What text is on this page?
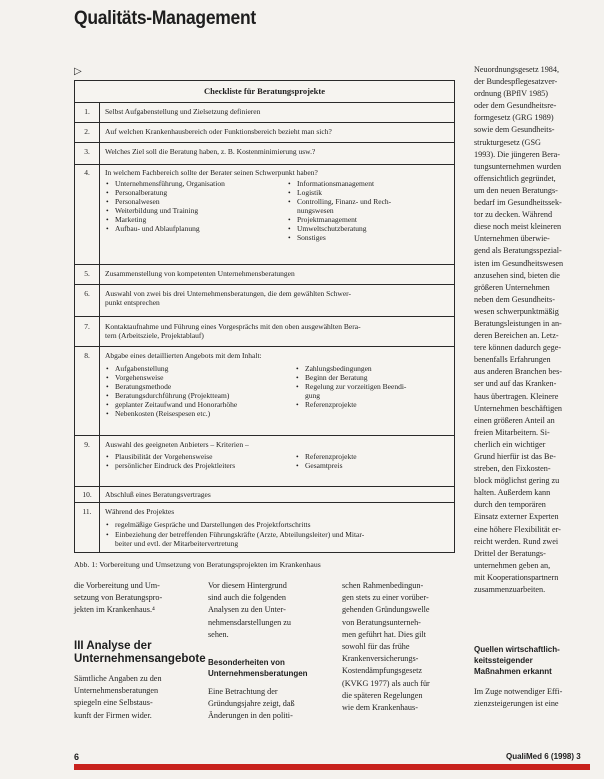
Qualitäts-Management
▷
Checkliste für Beratungsprojekte
1.	Selbst Aufgabenstellung und Zielsetzung definieren
2.	Auf welchen Krankenhausbereich oder Funktionsbereich bezieht man sich?
3.	Welches Ziel soll die Beratung haben, z. B. Kostenminimierung usw.?
4.	In welchem Fachbereich sollte der Berater seinen Schwerpunkt haben?
• Unternehmensführung, Organisation
• Personalberatung
• Personalwesen
• Weiterbildung und Training
• Marketing
• Aufbau- und Ablaufplanung
• Informationsmanagement
• Logistik
• Controlling, Finanz- und Rech-
nungswesen
• Projektmanagement
• Umweltschutzberatung
• Sonstiges
5.	Zusammenstellung von kompetenten Unternehmensberatungen
6.	Auswahl von zwei bis drei Unternehmensberatungen, die dem gewählten Schwer-
punkt entsprechen
7.	Kontaktaufnahme und Führung eines Vorgesprächs mit den oben ausgewählten Bera-
tern (Arbeitsziele, Projektablauf)
8.	Abgabe eines detaillierten Angebots mit dem Inhalt:
• Aufgabenstellung
• Vorgehensweise
• Beratungsmethode
• Beratungsdurchführung (Projektteam)
• geplanter Zeitaufwand und Honorarhöhe
• Nebenkosten (Reisespesen etc.)
• Zahlungsbedingungen
• Beginn der Beratung
• Regelung zur vorzeitigen Beendi-
gung
• Referenzprojekte
9.	Auswahl des geeigneten Anbieters – Kriterien –
• Plausibilität der Vorgehensweise
• persönlicher Eindruck des Projektleiters
• Referenzprojekte
• Gesamtpreis
10.	Abschluß eines Beratungsvertrages
11.	Während des Projektes
• regelmäßige Gespräche und Darstellungen des Projektfortschritts
• Einbeziehung der betreffenden Führungskräfte (Arzte, Abteilungsleiter) und Mitar-
beiter und evtl. der Mitarbeitervertretung
Abb. 1: Vorbereitung und Umsetzung von Beratungsprojekten im Krankenhaus
die Vorbereitung und Um-
setzung von Beratungspro-
jekten im Krankenhaus.⁴
III Analyse der
Unternehmensangebote
Sämtliche Angaben zu den
Unternehmensberatungen
spiegeln eine Selbstaus-
kunft der Firmen wider.
Vor diesem Hintergrund
sind auch die folgenden
Analysen zu den Unter-
nehmensdarstellungen zu
sehen.
Besonderheiten von
Unternehmensberatungen
Eine Betrachtung der
Gründungsjahre zeigt, daß
Änderungen in den politi-
schen Rahmenbedingun-
gen stets zu einer vorüber-
gehenden Gründungswelle
von Beratungsunterneh-
men geführt hat. Dies gilt
sowohl für das frühe
Krankenversicherungs-
Kostendämpfungsgesetz
(KVKG 1977) als auch für
die späteren Regelungen
wie dem Krankenhaus-
Neuordnungsgesetz 1984,
der Bundespflegesatzver-
ordnung (BPflV 1985)
oder dem Gesundheitsre-
formgesetz (GRG 1989)
sowie dem Gesundheits-
strukturgesetz (GSG
1993). Die jüngeren Bera-
tungsunternehmen wurden
offensichtlich gegründet,
um den neuen Beratungs-
bedarf im Gesundheitssek-
tor zu decken. Während
diese noch meist kleineren
Unternehmen überwie-
gend als Beratungsspezial-
isten im Gesundheitswesen
anzusehen sind, bieten die
größeren Unternehmen
neben dem Gesundheits-
wesen schwerpunktmäßig
Beratungsleistungen in an-
deren Bereichen an. Letz-
tere können dadurch gege-
benenfalls Erfahrungen
aus anderen Branchen bes-
ser und auf das Kranken-
haus übertragen. Kleinere
Unternehmen beschäftigen
einen größeren Anteil an
freien Mitarbeitern. Si-
cherlich ein wichtiger
Grund hierfür ist das Be-
streben, den Fixkosten-
block möglichst gering zu
halten. Außerdem kann
durch den temporären
Einsatz externer Experten
eine höhere Flexibilität er-
reicht werden. Rund zwei
Drittel der Beratungs-
unternehmen geben an,
mit Kooperationspartnern
zusammenzuarbeiten.
Quellen wirtschaftlich-
keitssteigender
Maßnahmen erkannt
Im Zuge notwendiger Effi-
zienzsteigerungen ist eine
6	QualiMed 6 (1998) 3
